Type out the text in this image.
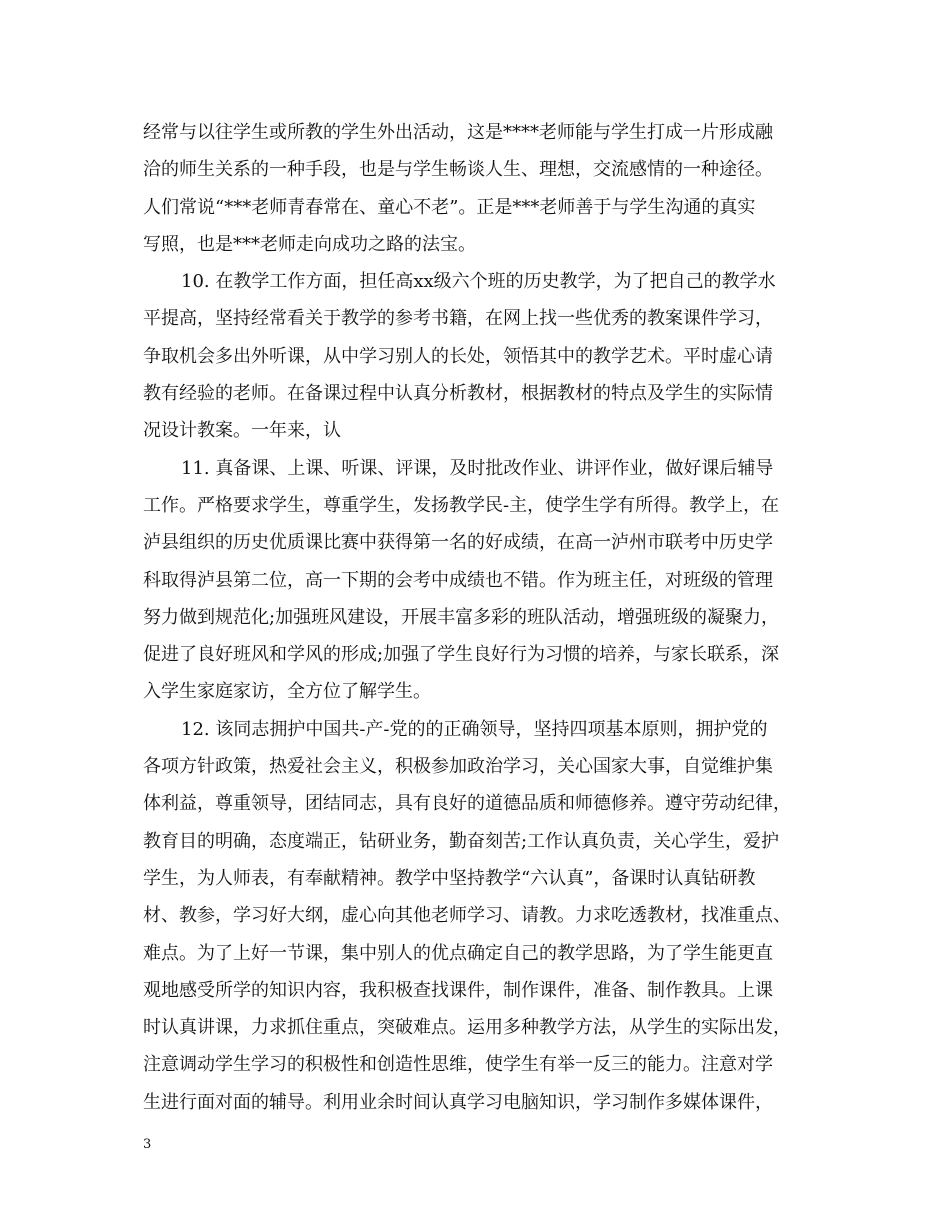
经常与以往学生或所教的学生外出活动，这是****老师能与学生打成一片形成融
洽的师生关系的一种手段，也是与学生畅谈人生、理想，交流感情的一种途径。
人们常说“***老师青春常在、童心不老”。正是***老师善于与学生沟通的真实
写照，也是***老师走向成功之路的法宝。
10. 在教学工作方面，担任高xx级六个班的历史教学，为了把自己的教学水
平提高，坚持经常看关于教学的参考书籍，在网上找一些优秀的教案课件学习，
争取机会多出外听课，从中学习别人的长处，领悟其中的教学艺术。平时虚心请
教有经验的老师。在备课过程中认真分析教材，根据教材的特点及学生的实际情
况设计教案。一年来，认
11. 真备课、上课、听课、评课，及时批改作业、讲评作业，做好课后辅导
工作。严格要求学生，尊重学生，发扬教学民-主，使学生学有所得。教学上，在
泸县组织的历史优质课比赛中获得第一名的好成绩，在高一泸州市联考中历史学
科取得泸县第二位，高一下期的会考中成绩也不错。作为班主任，对班级的管理
努力做到规范化;加强班风建设，开展丰富多彩的班队活动，增强班级的凝聚力，
促进了良好班风和学风的形成;加强了学生良好行为习惯的培养，与家长联系，深
入学生家庭家访，全方位了解学生。
12. 该同志拥护中国共-产-党的的正确领导，坚持四项基本原则，拥护党的
各项方针政策，热爱社会主义，积极参加政治学习，关心国家大事，自觉维护集
体利益，尊重领导，团结同志，具有良好的道德品质和师德修养。遵守劳动纪律，
教育目的明确，态度端正，钻研业务，勤奋刻苦;工作认真负责，关心学生，爱护
学生，为人师表，有奉献精神。教学中坚持教学“六认真”，备课时认真钻研教
材、教参，学习好大纲，虚心向其他老师学习、请教。力求吃透教材，找准重点、
难点。为了上好一节课，集中别人的优点确定自己的教学思路，为了学生能更直
观地感受所学的知识内容，我积极查找课件，制作课件，准备、制作教具。上课
时认真讲课，力求抓住重点，突破难点。运用多种教学方法，从学生的实际出发，
注意调动学生学习的积极性和创造性思维，使学生有举一反三的能力。注意对学
生进行面对面的辅导。利用业余时间认真学习电脑知识，学习制作多媒体课件，
3
